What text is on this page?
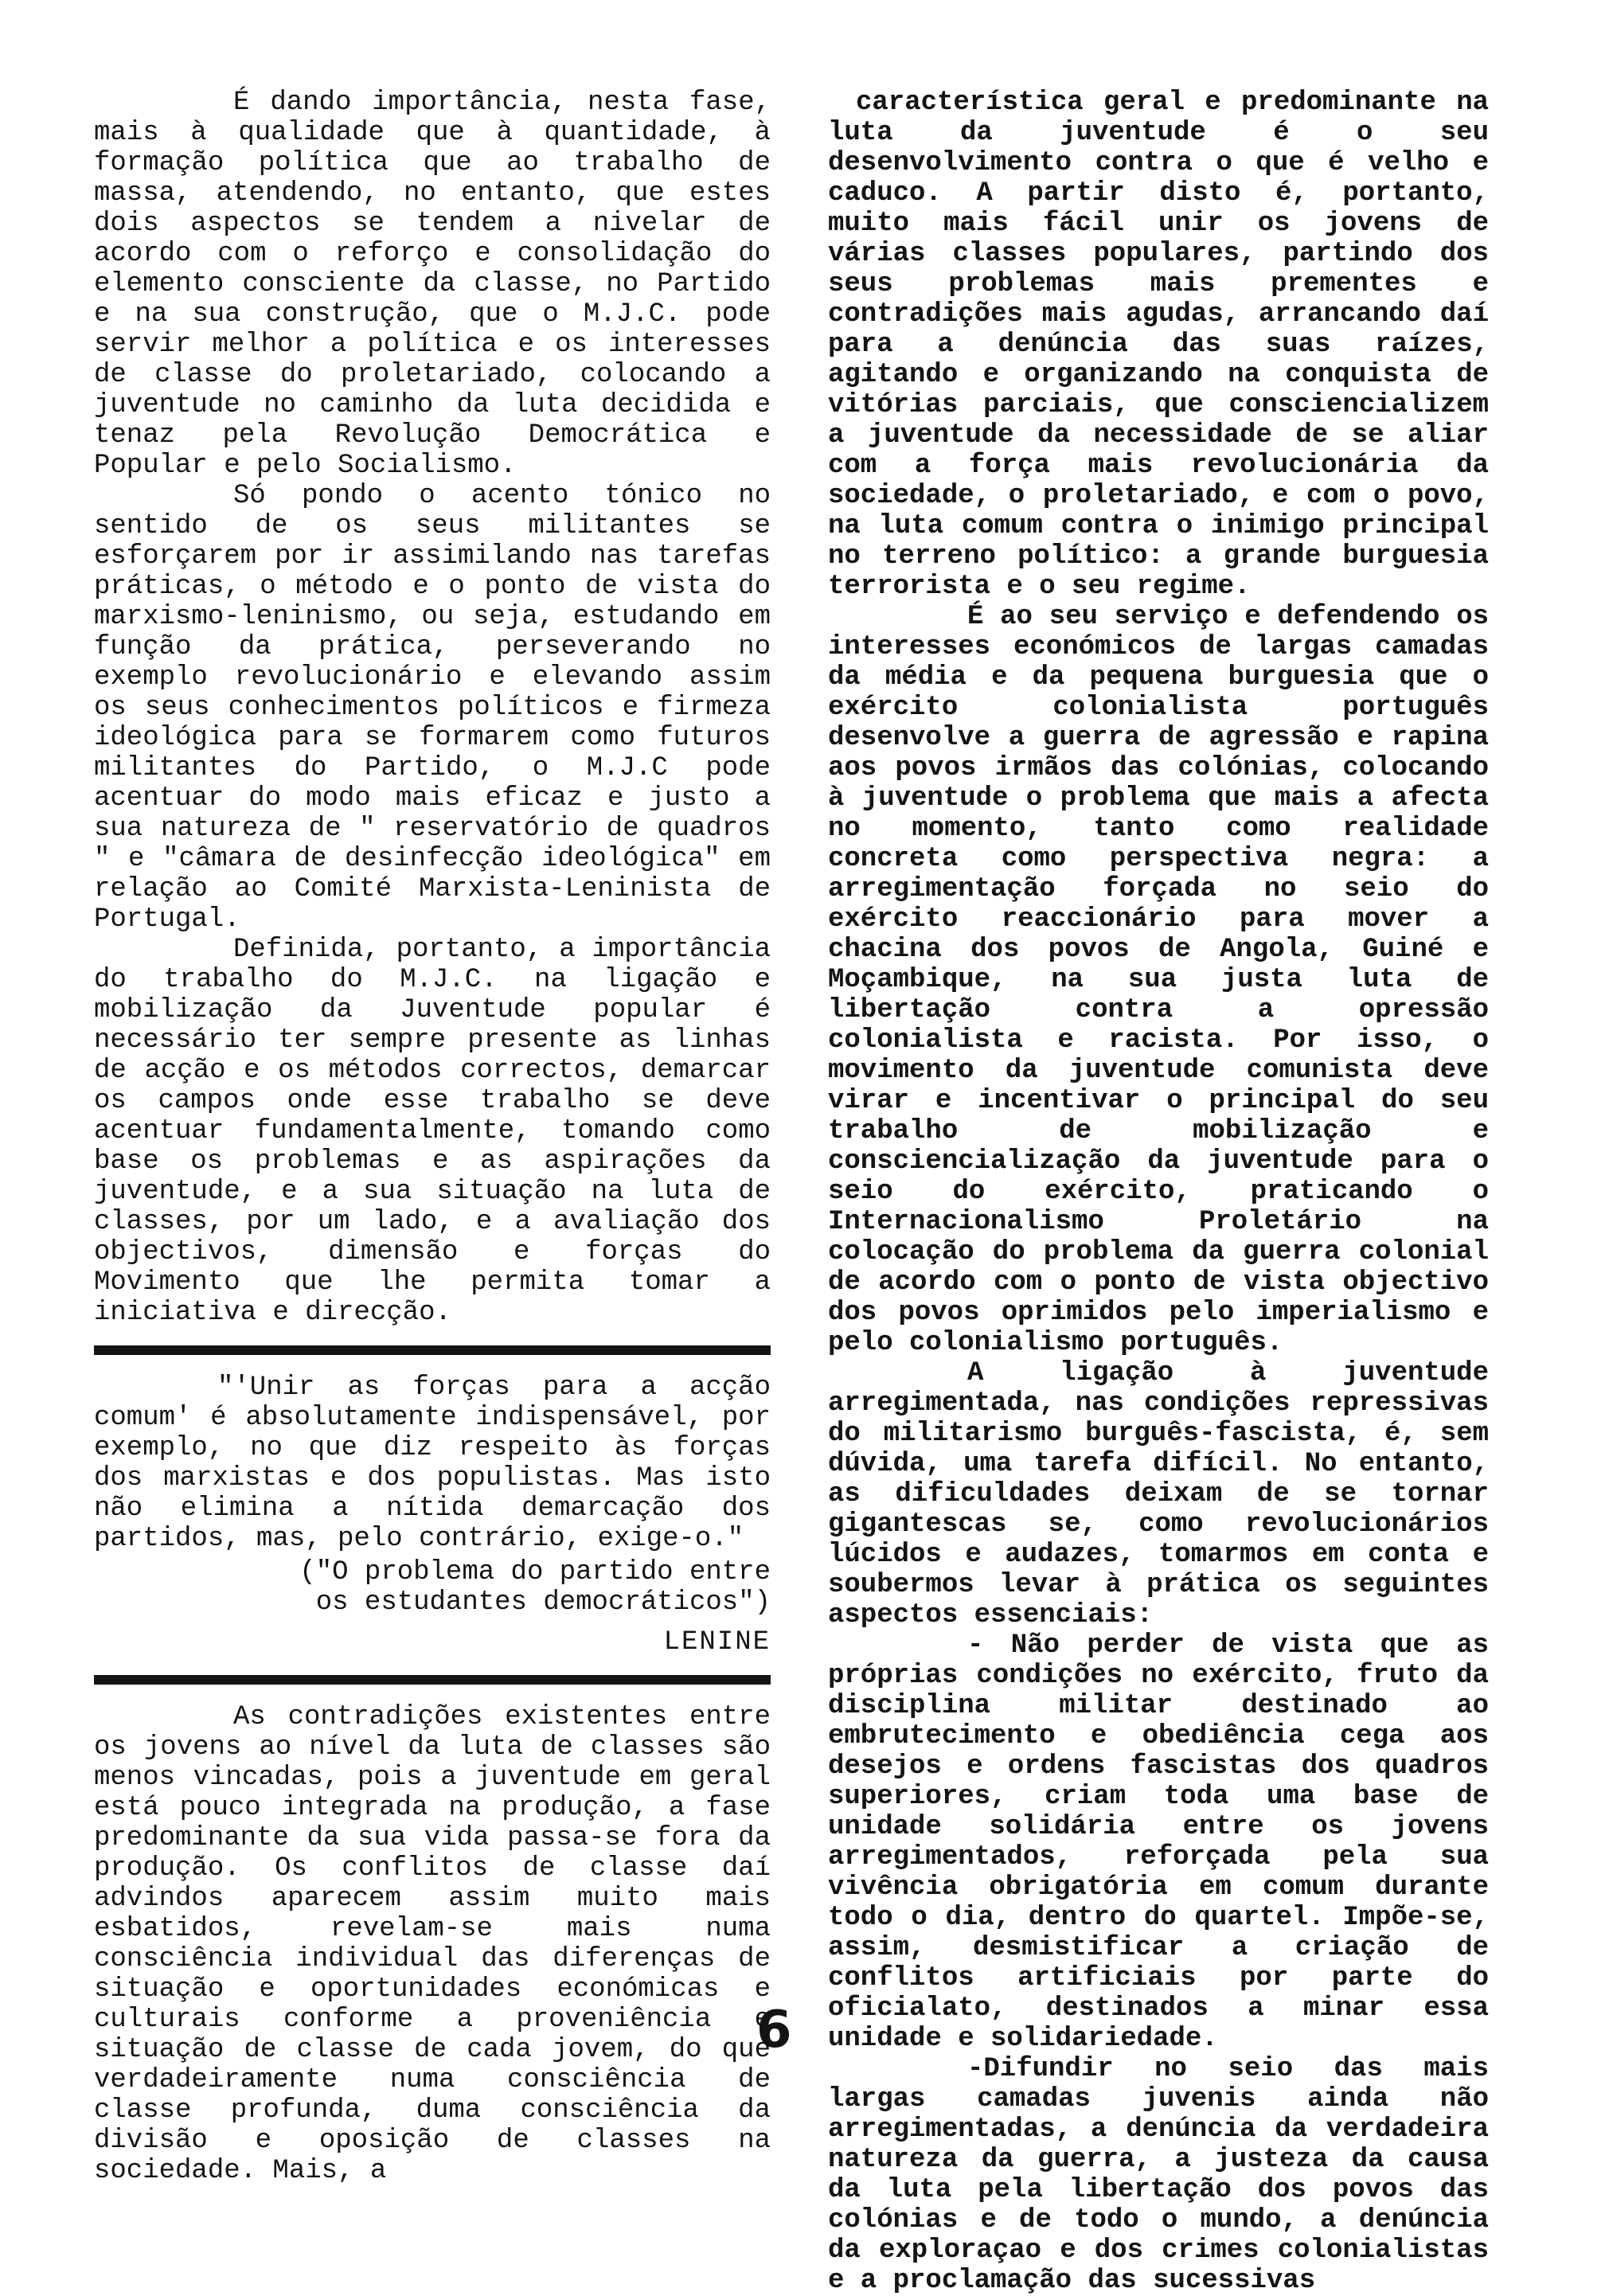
É dando importância, nesta fase, mais à qualidade que à quantidade, à formação política que ao trabalho de massa, atendendo, no entanto, que estes dois aspectos se tendem a nivelar de acordo com o reforço e consolidação do elemento consciente da classe, no Partido e na sua construção, que o M.J.C. pode servir melhor a política e os interesses de classe do proletariado, colocando a juventude no caminho da luta decidida e tenaz pela Revolução Democrática e Popular e pelo Socialismo.

Só pondo o acento tónico no sentido de os seus militantes se esforçarem por ir assimilando nas tarefas práticas, o método e o ponto de vista do marxismo-leninismo, ou seja, estudando em função da prática, perseverando no exemplo revolucionário e elevando assim os seus conhecimentos políticos e firmeza ideológica para se formarem como futuros militantes do Partido, o M.J.C pode acentuar do modo mais eficaz e justo a sua natureza de " reservatório de quadros " e "câmara de desinfecção ideológica" em relação ao Comité Marxista-Leninista de Portugal.

Definida, portanto, a importância do trabalho do M.J.C. na ligação e mobilização da Juventude popular é necessário ter sempre presente as linhas de acção e os métodos correctos, demarcar os campos onde esse trabalho se deve acentuar fundamentalmente, tomando como base os problemas e as aspirações da juventude, e a sua situação na luta de classes, por um lado, e a avaliação dos objectivos, dimensão e forças do Movimento que lhe permita tomar a iniciativa e direcção.

"'Unir as forças para a acção comum' é absolutamente indispensável, por exemplo, no que diz respeito às forças dos marxistas e dos populistas. Mas isto não elimina a nítida demarcação dos partidos, mas, pelo contrário, exige-o."

("O problema do partido entre
os estudantes democráticos")
LENINE

As contradições existentes entre os jovens ao nível da luta de classes são menos vincadas, pois a juventude em geral está pouco integrada na produção, a fase predominante da sua vida passa-se fora da produção. Os conflitos de classe daí advindos aparecem assim muito mais esbatidos, revelam-se mais numa consciência individual das diferenças de situação e oportunidades económicas e culturais conforme a proveniência e situação de classe de cada jovem, do que verdadeiramente numa consciência de classe profunda, duma consciência da divisão e oposição de classes na sociedade. Mais, a

característica geral e predominante na luta da juventude é o seu desenvolvimento contra o que é velho e caduco. A partir disto é, portanto, muito mais fácil unir os jovens de várias classes populares, partindo dos seus problemas mais prementes e contradições mais agudas, arrancando daí para a denúncia das suas raízes, agitando e organizando na conquista de vitórias parciais, que consciencializem a juventude da necessidade de se aliar com a força mais revolucionária da sociedade, o proletariado, e com o povo, na luta comum contra o inimigo principal no terreno político: a grande burguesia terrorista e o seu regime.

É ao seu serviço e defendendo os interesses económicos de largas camadas da média e da pequena burguesia que o exército colonialista português desenvolve a guerra de agressão e rapina aos povos irmãos das colónias, colocando à juventude o problema que mais a afecta no momento, tanto como realidade concreta como perspectiva negra: a arregimentação forçada no seio do exército reaccionário para mover a chacina dos povos de Angola, Guiné e Moçambique, na sua justa luta de libertação contra a opressão colonialista e racista. Por isso, o movimento da juventude comunista deve virar e incentivar o principal do seu trabalho de mobilização e consciencialização da juventude para o seio do exército, praticando o Internacionalismo Proletário na colocação do problema da guerra colonial de acordo com o ponto de vista objectivo dos povos oprimidos pelo imperialismo e pelo colonialismo português.

A ligação à juventude arregimentada, nas condições repressivas do militarismo burguês-fascista, é, sem dúvida, uma tarefa difícil. No entanto, as dificuldades deixam de se tornar gigantescas se, como revolucionários lúcidos e audazes, tomarmos em conta e soubermos levar à prática os seguintes aspectos essenciais:

- Não perder de vista que as próprias condições no exército, fruto da disciplina militar destinado ao embrutecimento e obediência cega aos desejos e ordens fascistas dos quadros superiores, criam toda uma base de unidade solidária entre os jovens arregimentados, reforçada pela sua vivência obrigatória em comum durante todo o dia, dentro do quartel. Impõe-se, assim, desmistificar a criação de conflitos artificiais por parte do oficialato, destinados a minar essa unidade e solidariedade.

-Difundir no seio das mais largas camadas juvenis ainda não arregimentadas, a denúncia da verdadeira natureza da guerra, a justeza da causa da luta pela libertação dos povos das colónias e de todo o mundo, a denúncia da exploraçao e dos crimes colonialistas e a proclamação das sucessivas

6
